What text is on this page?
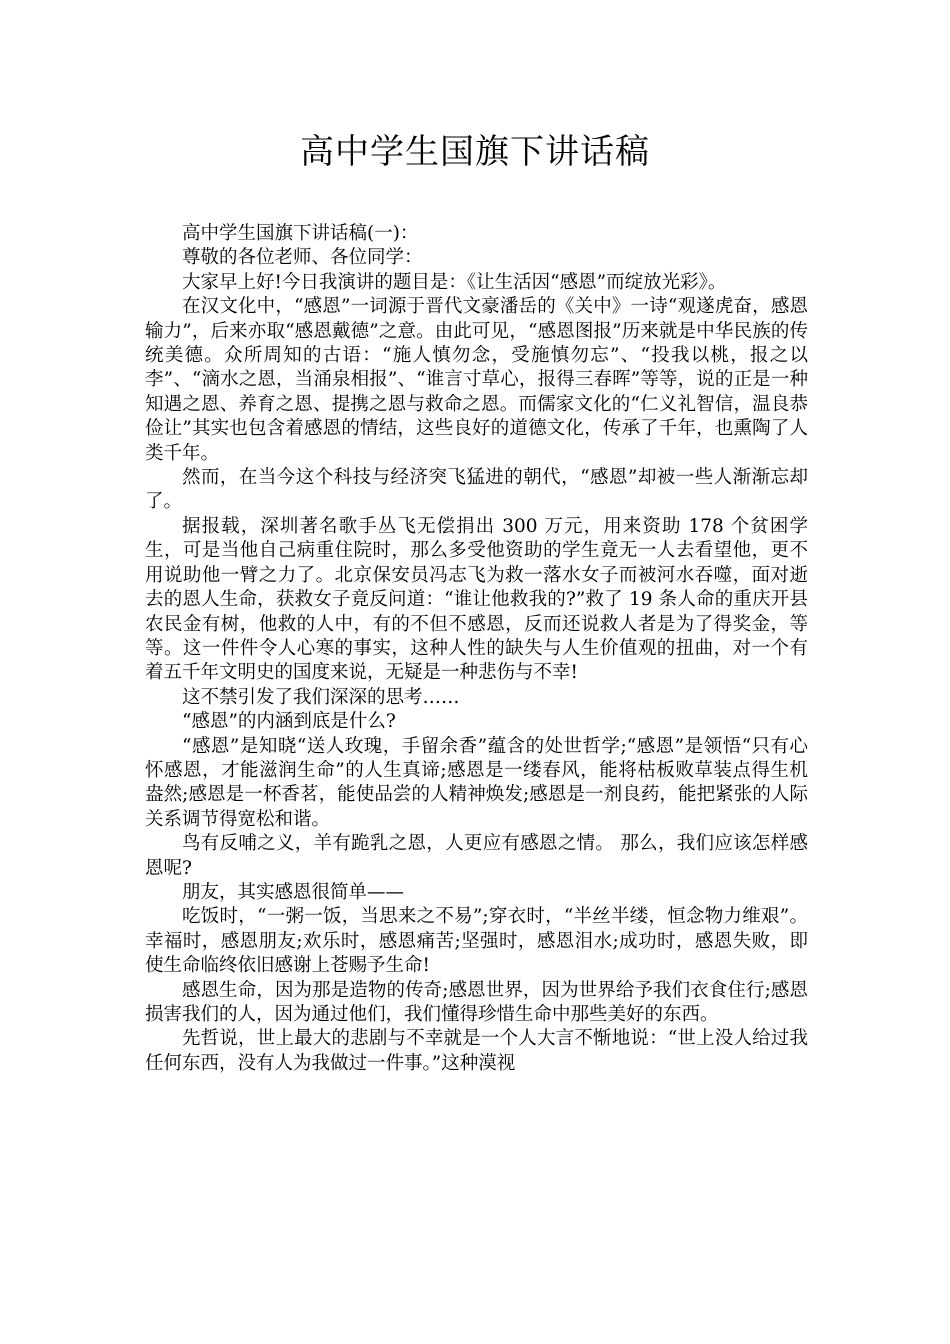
高中学生国旗下讲话稿

高中学生国旗下讲话稿(一)：

尊敬的各位老师、各位同学：

大家早上好!今日我演讲的题目是：《让生活因“感恩”而绽放光彩》。

在汉文化中，“感恩”一词源于晋代文豪潘岳的《关中》一诗“观遂虎奋，感恩输力”，后来亦取“感恩戴德”之意。由此可见，“感恩图报”历来就是中华民族的传统美德。众所周知的古语：“施人慎勿念，受施慎勿忘”、“投我以桃，报之以李”、“滴水之恩，当涌泉相报”、“谁言寸草心，报得三春晖”等等，说的正是一种知遇之恩、养育之恩、提携之恩与救命之恩。而儒家文化的“仁义礼智信，温良恭俭让”其实也包含着感恩的情结，这些良好的道德文化，传承了千年，也熏陶了人类千年。

然而，在当今这个科技与经济突飞猛进的朝代，“感恩”却被一些人渐渐忘却了。

据报载，深圳著名歌手丛飞无偿捐出 300 万元，用来资助 178 个贫困学生，可是当他自己病重住院时，那么多受他资助的学生竟无一人去看望他，更不用说助他一臂之力了。北京保安员冯志飞为救一落水女子而被河水吞噬，面对逝去的恩人生命，获救女子竟反问道：“谁让他救我的?”救了 19 条人命的重庆开县农民金有树，他救的人中，有的不但不感恩，反而还说救人者是为了得奖金，等等。这一件件令人心寒的事实，这种人性的缺失与人生价值观的扭曲，对一个有着五千年文明史的国度来说，无疑是一种悲伤与不幸!

这不禁引发了我们深深的思考……

“感恩”的内涵到底是什么?

“感恩”是知晓“送人玫瑰，手留余香”蕴含的处世哲学;“感恩”是领悟“只有心怀感恩，才能滋润生命”的人生真谛;感恩是一缕春风，能将枯板败草装点得生机盎然;感恩是一杯香茗，能使品尝的人精神焕发;感恩是一剂良药，能把紧张的人际关系调节得宽松和谐。

鸟有反哺之义，羊有跪乳之恩，人更应有感恩之情。 那么，我们应该怎样感恩呢?

朋友，其实感恩很简单——

吃饭时，“一粥一饭，当思来之不易”;穿衣时，“半丝半缕，恒念物力维艰”。幸福时，感恩朋友;欢乐时，感恩痛苦;坚强时，感恩泪水;成功时，感恩失败，即使生命临终依旧感谢上苍赐予生命!

感恩生命，因为那是造物的传奇;感恩世界，因为世界给予我们衣食住行;感恩损害我们的人，因为通过他们，我们懂得珍惜生命中那些美好的东西。

先哲说，世上最大的悲剧与不幸就是一个人大言不惭地说：“世上没人给过我任何东西，没有人为我做过一件事。”这种漠视
